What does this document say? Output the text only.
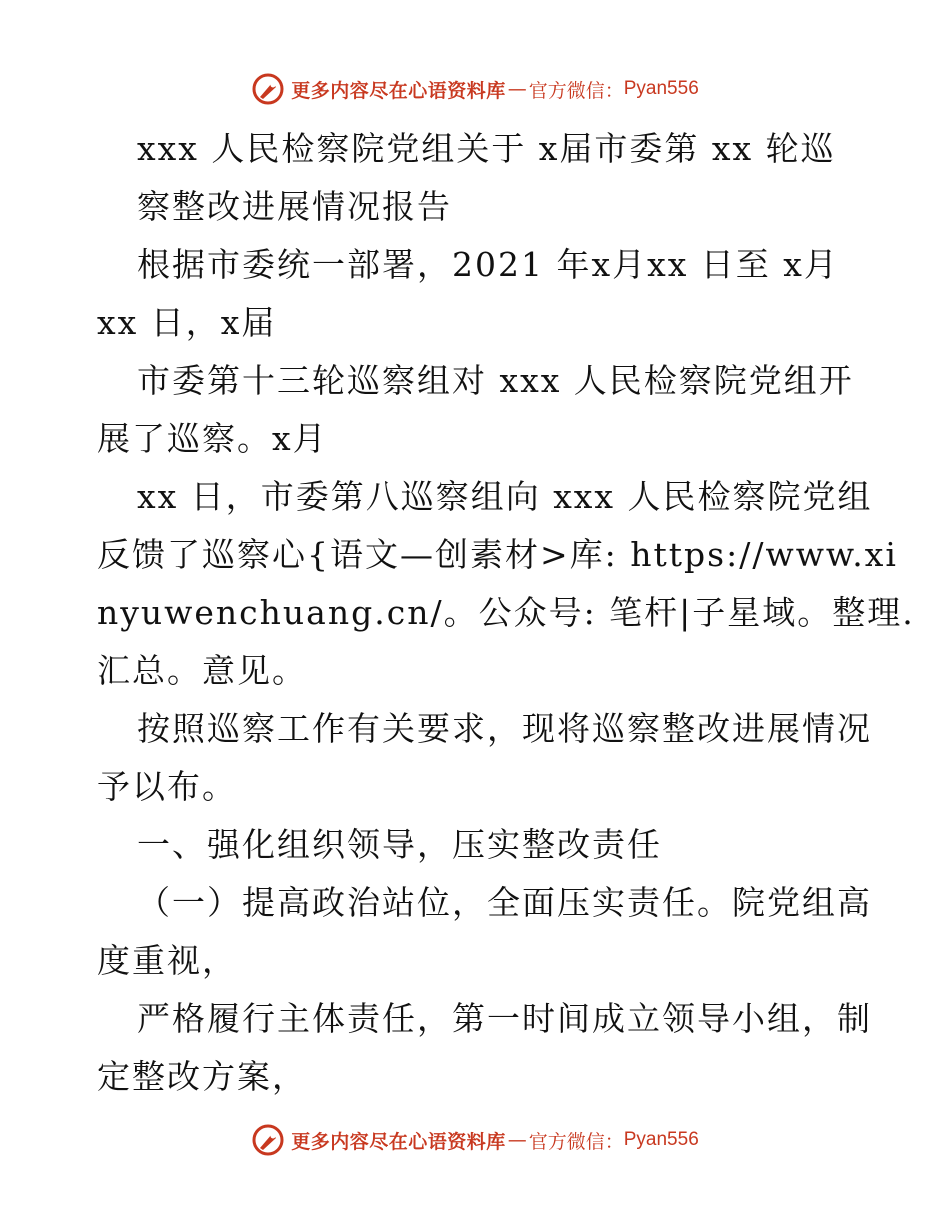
更多内容尽在心语资料库 — 官方微信： Pyan556

xxx 人民检察院党组关于 x届市委第 xx 轮巡

察整改进展情况报告

根据市委统一部署，2021 年x月xx 日至 x月

xx 日，x届

市委第十三轮巡察组对 xxx 人民检察院党组开

展了巡察。x月

xx 日，市委第八巡察组向 xxx 人民检察院党组

反馈了巡察心{语文—创素材>库: https://www.xi

nyuwenchuang.cn/。公众号: 笔杆|子星域。整理.

汇总。意见。

按照巡察工作有关要求，现将巡察整改进展情况

予以布。

一、强化组织领导，压实整改责任

（一）提高政治站位，全面压实责任。院党组高

度重视，

严格履行主体责任，第一时间成立领导小组，制

定整改方案，

更多内容尽在心语资料库 — 官方微信： Pyan556
